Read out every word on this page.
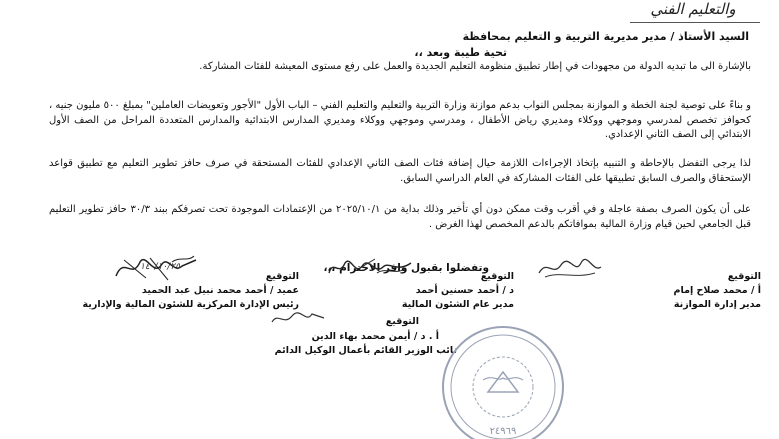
والتعليم الفني
السيد الأستاذ / مدير مديرية التربية و التعليم بمحافظة
تحية طيبة وبعد ،،
بالإشارة الى ما تبديه الدولة من مجهودات في إطار تطبيق منظومة التعليم الجديدة والعمل على رفع مستوى المعيشة للفئات المشاركة.
و بناءً على توصية لجنة الخطة و الموازنة بمجلس النواب بدعم موازنة وزارة التربية والتعليم والتعليم الفني – الباب الأول "الأجور وتعويضات العاملين" بمبلغ ٥٠٠ مليون جنيه ، كحوافز تخصص لمدرسي وموجهي ووكلاء ومديري رياض الأطفال ، ومدرسي وموجهي ووكلاء ومديري المدارس الابتدائية والمدارس المتعددة المراحل من الصف الأول الابتدائي إلى الصف الثاني الإعدادي.
لذا يرجى التفضل بالإحاطة و التنبيه بإتخاذ الإجراءات اللازمة حيال إضافة فئات الصف الثاني الإعدادي للفئات المستحقة في صرف حافز تطوير التعليم مع تطبيق قواعد الإستحقاق والصرف السابق تطبيقها على الفئات المشاركة في العام الدراسي السابق.
على أن يكون الصرف بصفة عاجلة و في أقرب وقت ممكن دون أي تأخير وذلك بداية من ٢٠٢٥/١٠/١ من الإعتمادات الموجودة تحت تصرفكم ببند ٣٠/٣ حافز تطوير التعليم قبل الجامعي لحين قيام وزارة المالية بموافاتكم بالدعم المخصص لهذا الغرض .
وتفضلوا بقبول وافر الاحترام ،،،
١٤٠/١٠/٢٥
التوقيع
أ / محمد صلاح إمام
مدير إدارة الموازنة
التوقيع
د / أحمد حسنين أحمد
مدير عام الشئون المالية
التوقيع
عميد / أحمد محمد نبيل عبد الحميد
رئيس الإدارة المركزية للشئون المالية والإدارية
التوقيع
أ . د / أيمن محمد بهاء الدين
نائب الوزير القائم بأعمال الوكيل الدائم
٢٤٩٦٩
